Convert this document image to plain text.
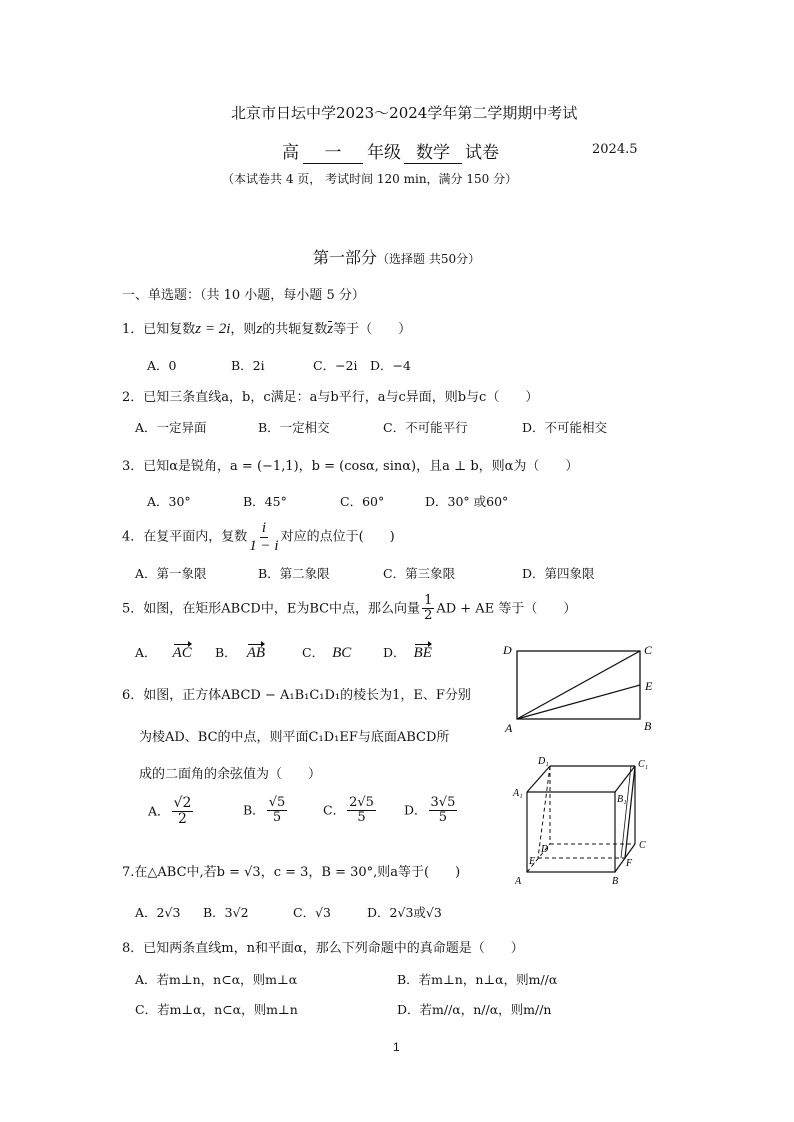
北京市日坛中学2023～2024学年第二学期期中考试
高 一 年级 数学 试卷	2024.5
（本试卷共 4 页， 考试时间 120 min，满分 150 分）
第一部分（选择题 共50分）
一、单选题：（共 10 小题，每小题 5 分）
1．已知复数z = 2i，则z的共轭复数z等于（　　）
A．0	B．2i	C．−2i D．−4
2．已知三条直线a，b，c满足：a与b平行，a与c异面，则b与c（　　）
A．一定异面	B．一定相交	C．不可能平行	D．不可能相交
3．已知α是锐角，a = (−1,1)，b = (cosα, sinα)，且a ⊥ b，则α为（　　）
A．30°	B．45°	C．60°	D．30° 或60°
4．在复平面内，复数 $\frac{i}{1 - i}$ 对应的点位于(　　)
A．第一象限	B．第二象限	C．第三象限	D．第四象限
5．如图，在矩形ABCD中，E为BC中点，那么向量 $\frac{1}{2}$ AD + AE 等于（　　）
A． AC B． AB	C． BC	D． BE	D	C
E
A	B
6．如图，正方体ABCD − A₁B₁C₁D₁的棱长为1，E、F分别
为棱AD、BC的中点，则平面C₁D₁EF与底面ABCD所
成的二面角的余弦值为（　　）
A． $\frac{√2}{2}$	B． $\frac{√5}{5}$	C． $\frac{2√5}{5}$ D． $\frac{3√5}{5}$
D₁	C₁
A₁
B₁
D	C
E	F
A	B
7.在△ABC中,若b = √3，c = 3，B = 30°,则a等于(　　)
A．2√3 B．3√2	C．√3	D．2√3或√3
8．已知两条直线m，n和平面α，那么下列命题中的真命题是（　　）
A．若m⊥n，n⊂α，则m⊥α	B．若m⊥n，n⊥α，则m//α
C．若m⊥α，n⊂α，则m⊥n	D．若m//α，n//α，则m//n
1
